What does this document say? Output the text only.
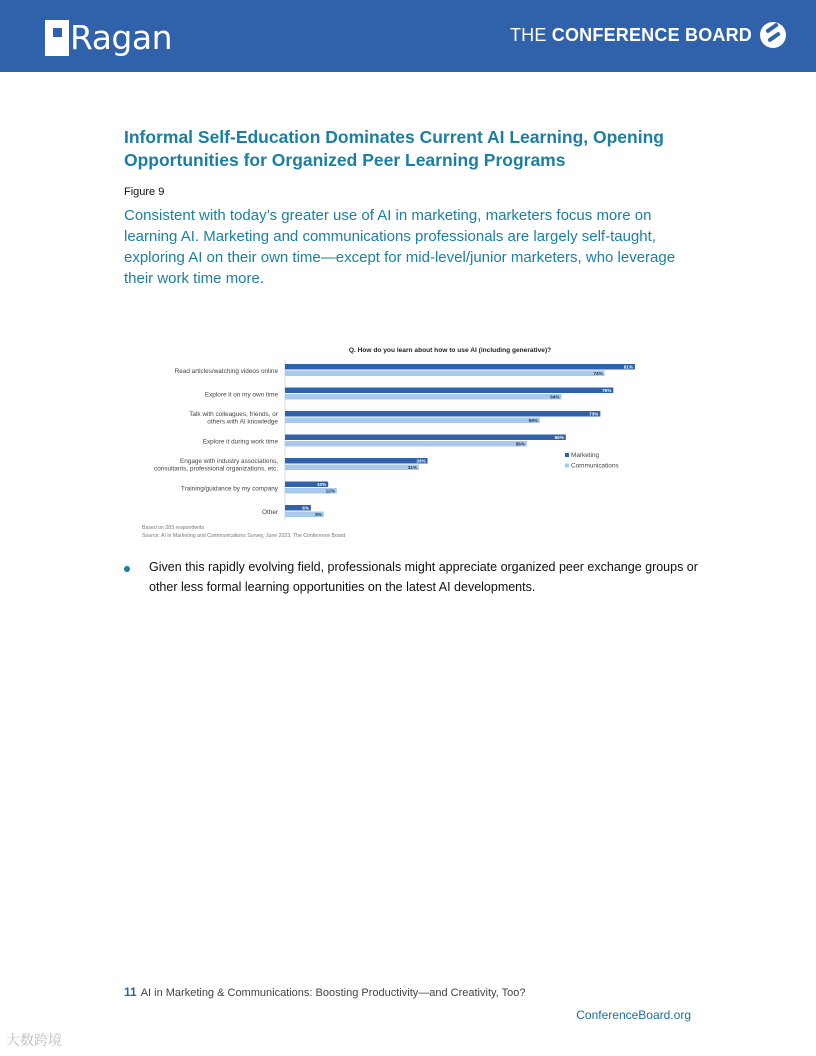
Ragan	THE CONFERENCE BOARD
Informal Self-Education Dominates Current AI Learning, Opening Opportunities for Organized Peer Learning Programs
Figure 9

Consistent with today’s greater use of AI in marketing, marketers focus more on learning AI. Marketing and communications professionals are largely self-taught, exploring AI on their own time—except for mid-level/junior marketers, who leverage their work time more.

Q. How do you learn about how to use AI (including generative)?
Read articles/watching videos online
81%
74%
Explore it on my own time
76%
64%
Talk with colleagues, friends, or
others with AI knowledge
73%
59%
Explore it during work time
65%
56%
Engage with industry associations,
consultants, professional organizations, etc.
33%
31%
Training/guidance by my company
10%
12%
Other
6%
9%
Marketing
Communications
Based on 283 respondents
Source: AI in Marketing and Communications Survey, June 2023, The Conference Board
Given this rapidly evolving field, professionals might appreciate organized peer exchange groups or other less formal learning opportunities on the latest AI developments.
11 AI in Marketing & Communications: Boosting Productivity—and Creativity, Too?
ConferenceBoard.org
大数跨境
